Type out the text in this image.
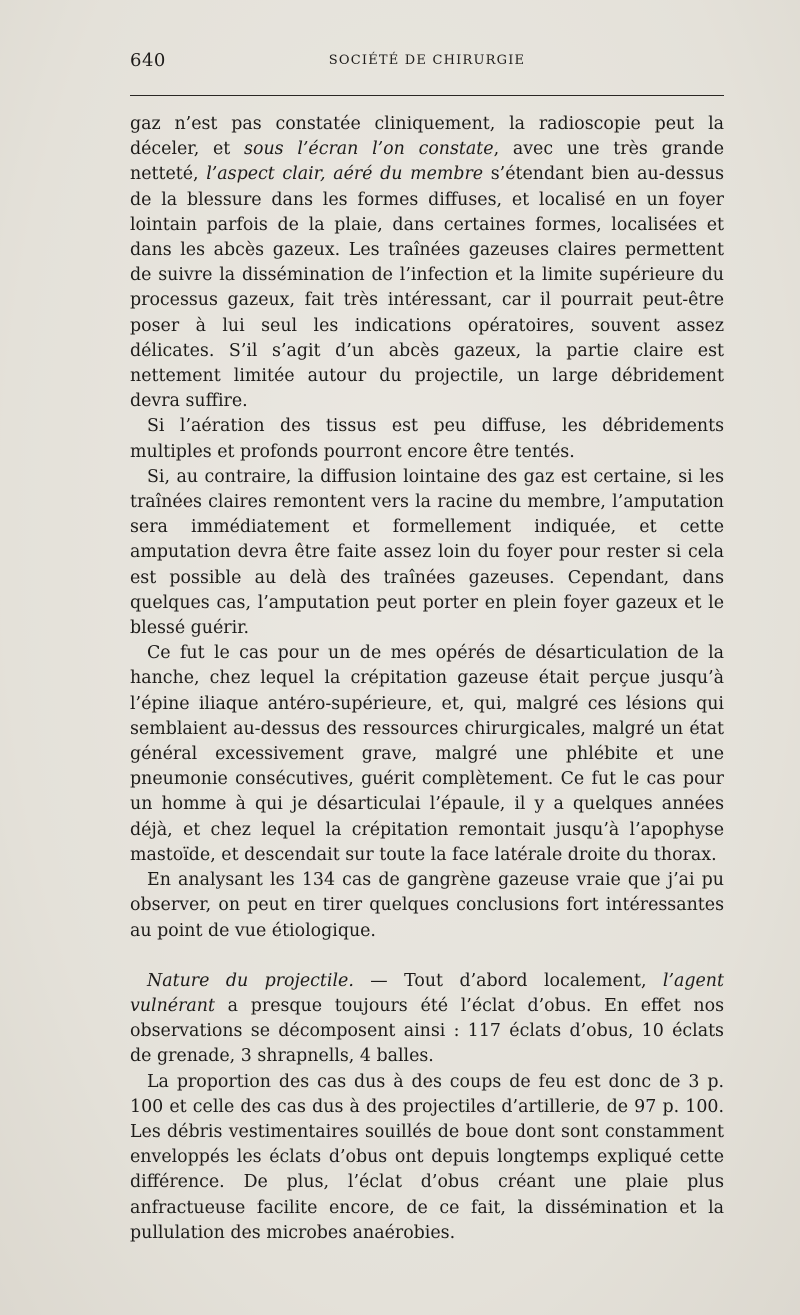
640	SOCIÉTÉ DE CHIRURGIE

gaz n’est pas constatée cliniquement, la radioscopie peut la déceler, et sous l’écran l’on constate, avec une très grande netteté, l’aspect clair, aéré du membre s’étendant bien au-dessus de la blessure dans les formes diffuses, et localisé en un foyer lointain parfois de la plaie, dans certaines formes, localisées et dans les abcès gazeux. Les traînées gazeuses claires permettent de suivre la dissémination de l’infection et la limite supérieure du processus gazeux, fait très intéressant, car il pourrait peut-être poser à lui seul les indications opératoires, souvent assez délicates. S’il s’agit d’un abcès gazeux, la partie claire est nettement limitée autour du projectile, un large débridement devra suffire.

Si l’aération des tissus est peu diffuse, les débridements multiples et profonds pourront encore être tentés.

Si, au contraire, la diffusion lointaine des gaz est certaine, si les traînées claires remontent vers la racine du membre, l’amputation sera immédiatement et formellement indiquée, et cette amputation devra être faite assez loin du foyer pour rester si cela est possible au delà des traînées gazeuses. Cependant, dans quelques cas, l’amputation peut porter en plein foyer gazeux et le blessé guérir.

Ce fut le cas pour un de mes opérés de désarticulation de la hanche, chez lequel la crépitation gazeuse était perçue jusqu’à l’épine iliaque antéro-supérieure, et, qui, malgré ces lésions qui semblaient au-dessus des ressources chirurgicales, malgré un état général excessivement grave, malgré une phlébite et une pneumonie consécutives, guérit complètement. Ce fut le cas pour un homme à qui je désarticulai l’épaule, il y a quelques années déjà, et chez lequel la crépitation remontait jusqu’à l’apophyse mastoïde, et descendait sur toute la face latérale droite du thorax.

En analysant les 134 cas de gangrène gazeuse vraie que j’ai pu observer, on peut en tirer quelques conclusions fort intéressantes au point de vue étiologique.

Nature du projectile. — Tout d’abord localement, l’agent vulnérant a presque toujours été l’éclat d’obus. En effet nos observations se décomposent ainsi : 117 éclats d’obus, 10 éclats de grenade, 3 shrapnells, 4 balles.

La proportion des cas dus à des coups de feu est donc de 3 p. 100 et celle des cas dus à des projectiles d’artillerie, de 97 p. 100. Les débris vestimentaires souillés de boue dont sont constamment enveloppés les éclats d’obus ont depuis longtemps expliqué cette différence. De plus, l’éclat d’obus créant une plaie plus anfractueuse facilite encore, de ce fait, la dissémination et la pullulation des microbes anaérobies.
